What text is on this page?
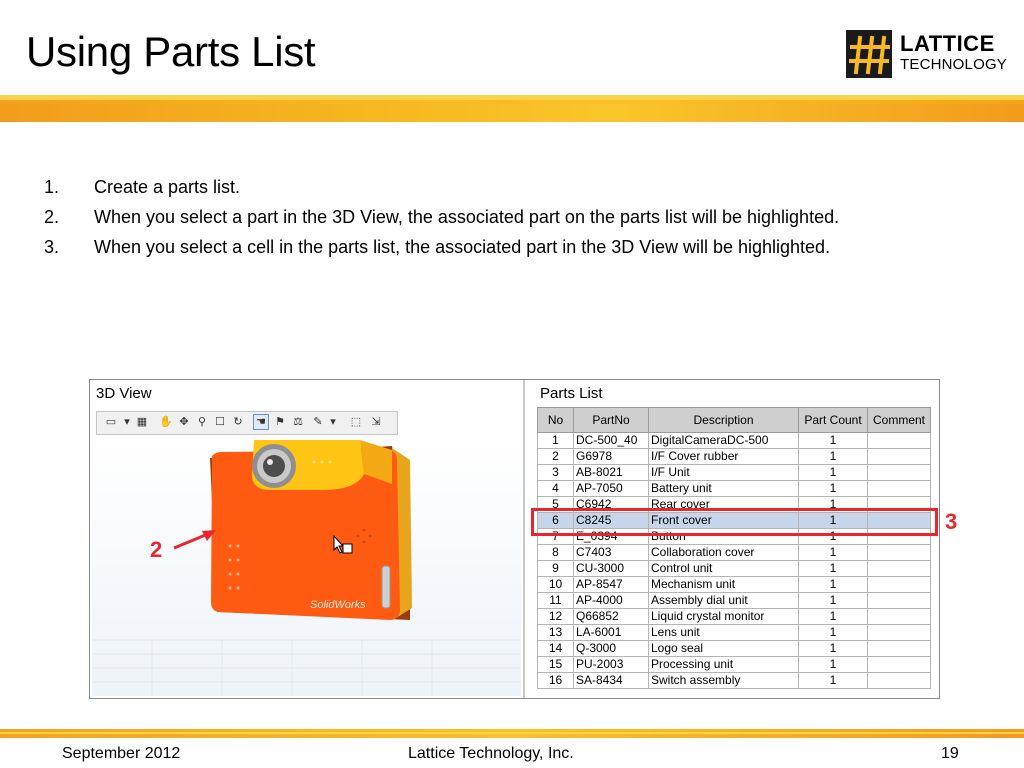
Using Parts List	LATTICE
TECHNOLOGY
1. Create a parts list.
2. When you select a part in the 3D View, the associated part on the parts list will be highlighted.
3. When you select a cell in the parts list, the associated part in the 3D View will be highlighted.
3D View
▭ ▾ ▦ ✋ ✥ ⚲ ☐ ↻ ☚ ⚑ ⚖ ✎ ▾ ⬚ ⇲
SolidWorks
Parts List
No	PartNo	Description	Part Count	Comment
1	DC-500_40	DigitalCameraDC-500	1	
2	G6978	I/F Cover rubber	1	
3	AB-8021	I/F Unit	1	
4	AP-7050	Battery unit	1	
5	C6942	Rear cover	1	
6	C8245	Front cover	1	
7	E_0394	Button	1	
8	C7403	Collaboration cover	1	
9	CU-3000	Control unit	1	
10	AP-8547	Mechanism unit	1	
11	AP-4000	Assembly dial unit	1	
12	Q66852	Liquid crystal monitor	1	
13	LA-6001	Lens unit	1	
14	Q-3000	Logo seal	1	
15	PU-2003	Processing unit	1	
16	SA-8434	Switch assembly	1	
3
2
September 2012	Lattice Technology, Inc.	19
